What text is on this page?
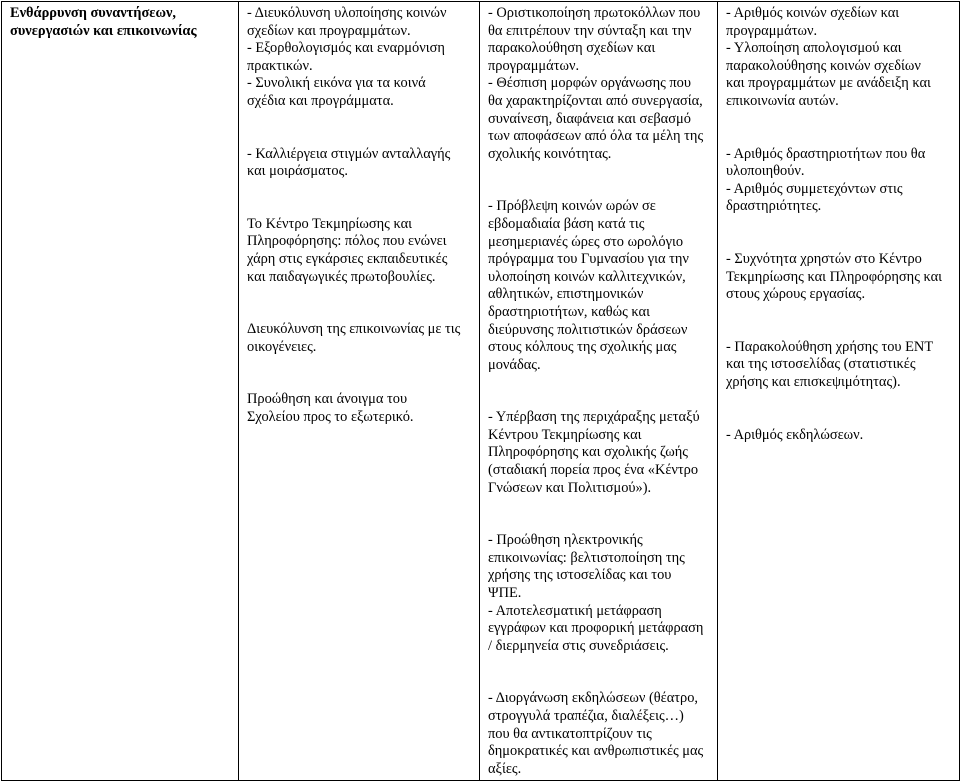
Ενθάρρυνση συναντήσεων,
συνεργασιών και επικοινωνίας

- Διευκόλυνση υλοποίησης κοινών
σχεδίων και προγραμμάτων.
- Εξορθολογισμός και εναρμόνιση
πρακτικών.
- Συνολική εικόνα για τα κοινά
σχέδια και προγράμματα.
- Καλλιέργεια στιγμών ανταλλαγής
και μοιράσματος.
Το Κέντρο Τεκμηρίωσης και
Πληροφόρησης: πόλος που ενώνει
χάρη στις εγκάρσιες εκπαιδευτικές
και παιδαγωγικές πρωτοβουλίες.
Διευκόλυνση της επικοινωνίας με τις
οικογένειες.
Προώθηση και άνοιγμα του
Σχολείου προς το εξωτερικό.

- Οριστικοποίηση πρωτοκόλλων που
θα επιτρέπουν την σύνταξη και την
παρακολούθηση σχεδίων και
προγραμμάτων.
- Θέσπιση μορφών οργάνωσης που
θα χαρακτηρίζονται από συνεργασία,
συναίνεση, διαφάνεια και σεβασμό
των αποφάσεων από όλα τα μέλη της
σχολικής κοινότητας.
- Πρόβλεψη κοινών ωρών σε
εβδομαδιαία βάση κατά τις
μεσημεριανές ώρες στο ωρολόγιο
πρόγραμμα του Γυμνασίου για την
υλοποίηση κοινών καλλιτεχνικών,
αθλητικών, επιστημονικών
δραστηριοτήτων, καθώς και
διεύρυνσης πολιτιστικών δράσεων
στους κόλπους της σχολικής μας
μονάδας.
- Υπέρβαση της περιχάραξης μεταξύ
Κέντρου Τεκμηρίωσης και
Πληροφόρησης και σχολικής ζωής
(σταδιακή πορεία προς ένα «Κέντρο
Γνώσεων και Πολιτισμού»).
- Προώθηση ηλεκτρονικής
επικοινωνίας: βελτιστοποίηση της
χρήσης της ιστοσελίδας και του
ΨΠΕ.
- Αποτελεσματική μετάφραση
εγγράφων και προφορική μετάφραση
/ διερμηνεία στις συνεδριάσεις.
- Διοργάνωση εκδηλώσεων (θέατρο,
στρογγυλά τραπέζια, διαλέξεις…)
που θα αντικατοπτρίζουν τις
δημοκρατικές και ανθρωπιστικές μας
αξίες.

- Αριθμός κοινών σχεδίων και
προγραμμάτων.
- Υλοποίηση απολογισμού και
παρακολούθησης κοινών σχεδίων
και προγραμμάτων με ανάδειξη και
επικοινωνία αυτών.
- Αριθμός δραστηριοτήτων που θα
υλοποιηθούν.
- Αριθμός συμμετεχόντων στις
δραστηριότητες.
- Συχνότητα χρηστών στο Κέντρο
Τεκμηρίωσης και Πληροφόρησης και
στους χώρους εργασίας.
- Παρακολούθηση χρήσης του ΕΝΤ
και της ιστοσελίδας (στατιστικές
χρήσης και επισκεψιμότητας).
- Αριθμός εκδηλώσεων.
